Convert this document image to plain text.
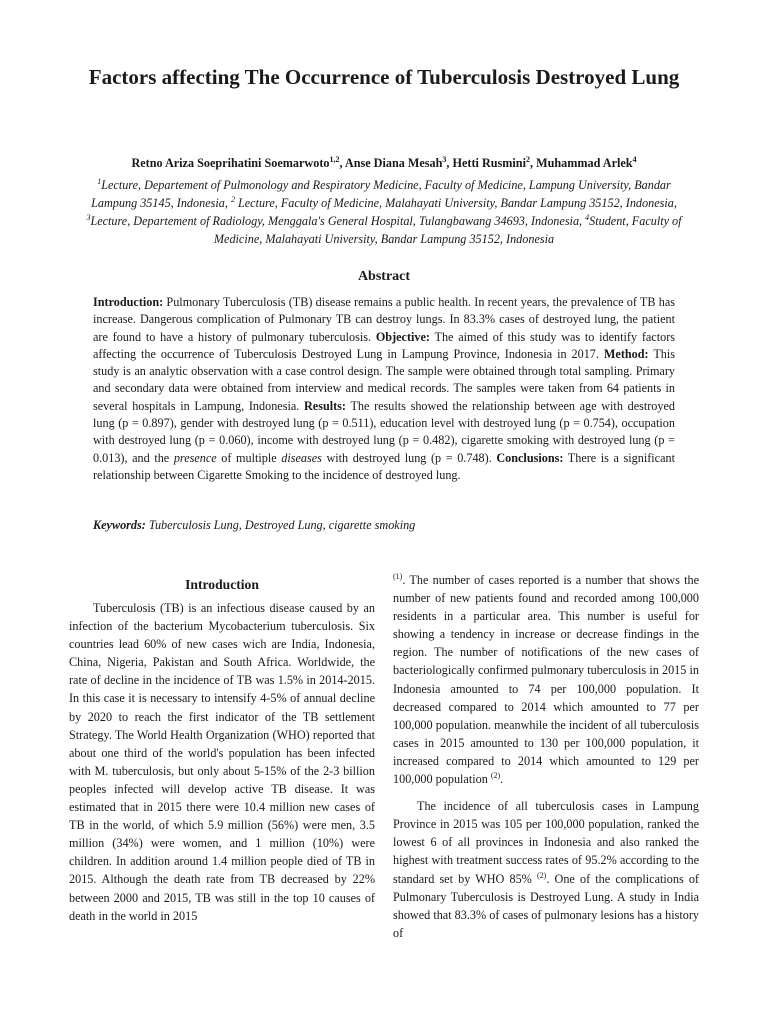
Factors affecting The Occurrence of Tuberculosis Destroyed Lung
Retno Ariza Soeprihatini Soemarwoto$^{1,2}$, Anse Diana Mesah$^3$, Hetti Rusmini$^2$, Muhammad Arlek$^4$
$^1$Lecture, Departement of Pulmonology and Respiratory Medicine, Faculty of Medicine, Lampung University, Bandar Lampung 35145, Indonesia, $^2$ Lecture, Faculty of Medicine, Malahayati University, Bandar Lampung 35152, Indonesia, $^3$Lecture, Departement of Radiology, Menggala's General Hospital, Tulangbawang 34693, Indonesia, $^4$Student, Faculty of Medicine, Malahayati University, Bandar Lampung 35152, Indonesia
Abstract
Introduction: Pulmonary Tuberculosis (TB) disease remains a public health. In recent years, the prevalence of TB has increase. Dangerous complication of Pulmonary TB can destroy lungs. In 83.3% cases of destroyed lung, the patient are found to have a history of pulmonary tuberculosis. Objective: The aimed of this study was to identify factors affecting the occurrence of Tuberculosis Destroyed Lung in Lampung Province, Indonesia in 2017. Method: This study is an analytic observation with a case control design. The sample were obtained through total sampling. Primary and secondary data were obtained from interview and medical records. The samples were taken from 64 patients in several hospitals in Lampung, Indonesia. Results: The results showed the relationship between age with destroyed lung (p = 0.897), gender with destroyed lung (p = 0.511), education level with destroyed lung (p = 0.754), occupation with destroyed lung (p = 0.060), income with destroyed lung (p = 0.482), cigarette smoking with destroyed lung (p = 0.013), and the presence of multiple diseases with destroyed lung (p = 0.748). Conclusions: There is a significant relationship between Cigarette Smoking to the incidence of destroyed lung.
Keywords: Tuberculosis Lung, Destroyed Lung, cigarette smoking
Introduction

Tuberculosis (TB) is an infectious disease caused by an infection of the bacterium Mycobacterium tuberculosis. Six countries lead 60% of new cases wich are India, Indonesia, China, Nigeria, Pakistan and South Africa. Worldwide, the rate of decline in the incidence of TB was 1.5% in 2014-2015. In this case it is necessary to intensify 4-5% of annual decline by 2020 to reach the first indicator of the TB settlement Strategy. The World Health Organization (WHO) reported that about one third of the world's population has been infected with M. tuberculosis, but only about 5-15% of the 2-3 billion peoples infected will develop active TB disease. It was estimated that in 2015 there were 10.4 million new cases of TB in the world, of which 5.9 million (56%) were men, 3.5 million (34%) were women, and 1 million (10%) were children. In addition around 1.4 million people died of TB in 2015. Although the death rate from TB decreased by 22% between 2000 and 2015, TB was still in the top 10 causes of death in the world in 2015

$^{(1)}$. The number of cases reported is a number that shows the number of new patients found and recorded among 100,000 residents in a particular area. This number is useful for showing a tendency in increase or decrease findings in the region. The number of notifications of the new cases of bacteriologically confirmed pulmonary tuberculosis in 2015 in Indonesia amounted to 74 per 100,000 population. It decreased compared to 2014 which amounted to 77 per 100,000 population. meanwhile the incident of all tuberculosis cases in 2015 amounted to 130 per 100,000 population, it increased compared to 2014 which amounted to 129 per 100,000 population $^{(2)}$.

The incidence of all tuberculosis cases in Lampung Province in 2015 was 105 per 100,000 population, ranked the lowest 6 of all provinces in Indonesia and also ranked the highest with treatment success rates of 95.2% according to the standard set by WHO 85% $^{(2)}$. One of the complications of Pulmonary Tuberculosis is Destroyed Lung. A study in India showed that 83.3% of cases of pulmonary lesions has a history of
